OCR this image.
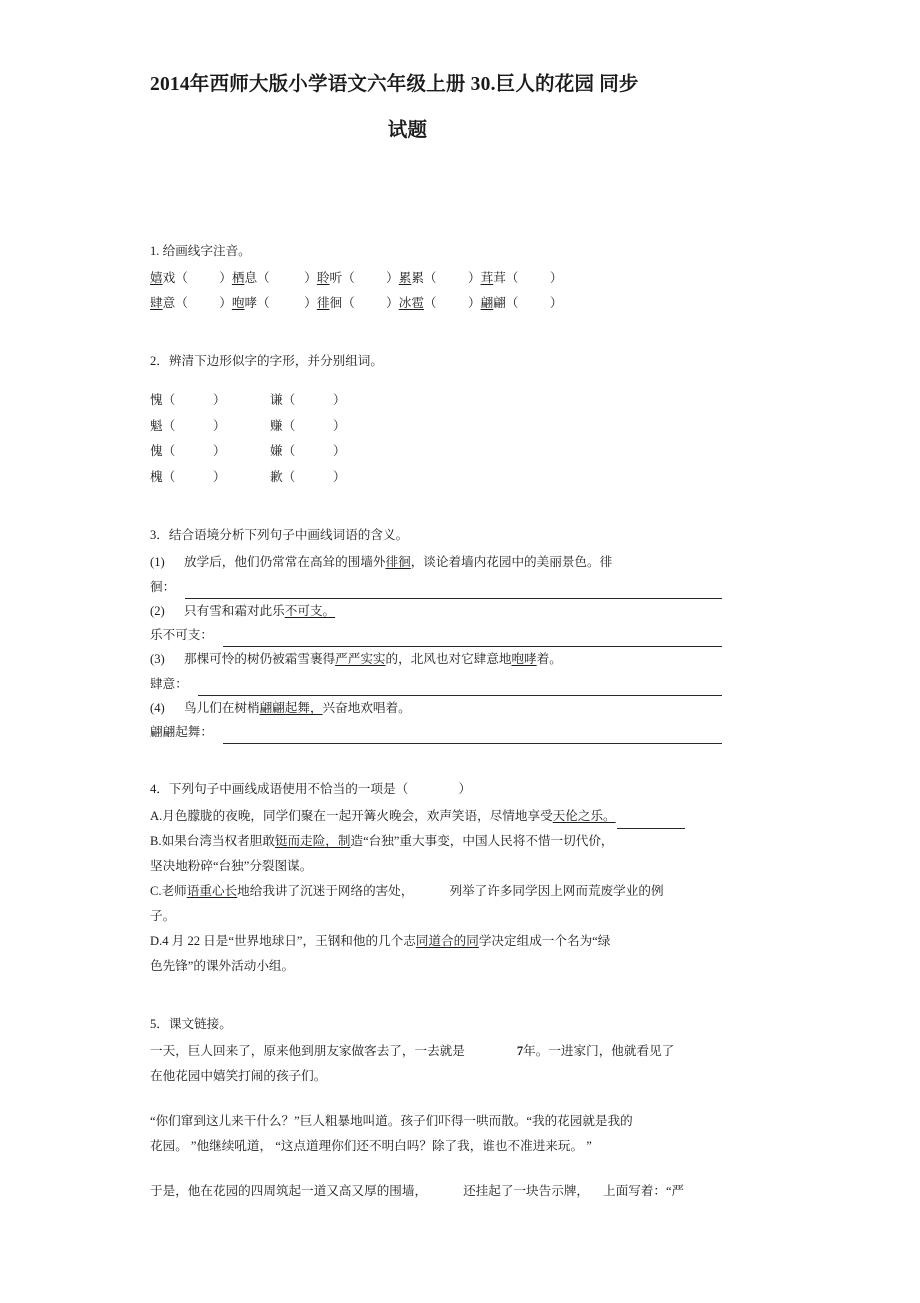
2014年西师大版小学语文六年级上册 30.巨人的花园 同步
试题

1. 给画线字注音。

嬉戏（          ）栖息（           ）聆听（          ）累累（          ）茸茸（          ）

肆意（          ）咆哮（           ）徘徊（          ）冰雹（          ）翩翩（          ）

2．辨清下边形似字的字形，并分别组词。

愧（            ）	谦（            ）
魁（            ）	赚（            ）
傀（            ）	嫌（            ）
槐（            ）	歉（            ）

3．结合语境分析下列句子中画线词语的含义。

(1) 放学后，他们仍常常在高耸的围墙外徘徊，谈论着墙内花园中的美丽景色。徘

徊：

(2) 只有雪和霜对此乐不可支。

乐不可支：

(3) 那棵可怜的树仍被霜雪裹得严严实实的，北风也对它肆意地咆哮着。

肆意：

(4) 鸟儿们在树梢翩翩起舞，兴奋地欢唱着。

翩翩起舞：

4．下列句子中画线成语使用不恰当的一项是（                ）

A.月色朦胧的夜晚，同学们聚在一起开篝火晚会，欢声笑语，尽情地享受天伦之乐。

B.如果台湾当权者胆敢铤而走险，制造“台独”重大事变，中国人民将不惜一切代价，

坚决地粉碎“台独”分裂图谋。

C.老师语重心长地给我讲了沉迷于网络的害处，	列举了许多同学因上网而荒废学业的例

子。

D.4 月 22 日是“世界地球日”，王钢和他的几个志同道合的同学决定组成一个名为“绿

色先锋”的课外活动小组。

5．课文链接。

一天，巨人回来了，原来他到朋友家做客去了，一去就是	7年。一进家门，他就看见了

在他花园中嬉笑打闹的孩子们。

“你们窜到这儿来干什么？”巨人粗暴地叫道。孩子们吓得一哄而散。“我的花园就是我的

花园。 ”他继续吼道， “这点道理你们还不明白吗？除了我，谁也不准进来玩。 ”

于是，他在花园的四周筑起一道又高又厚的围墙，	还挂起了一块告示牌， 上面写着：“严
